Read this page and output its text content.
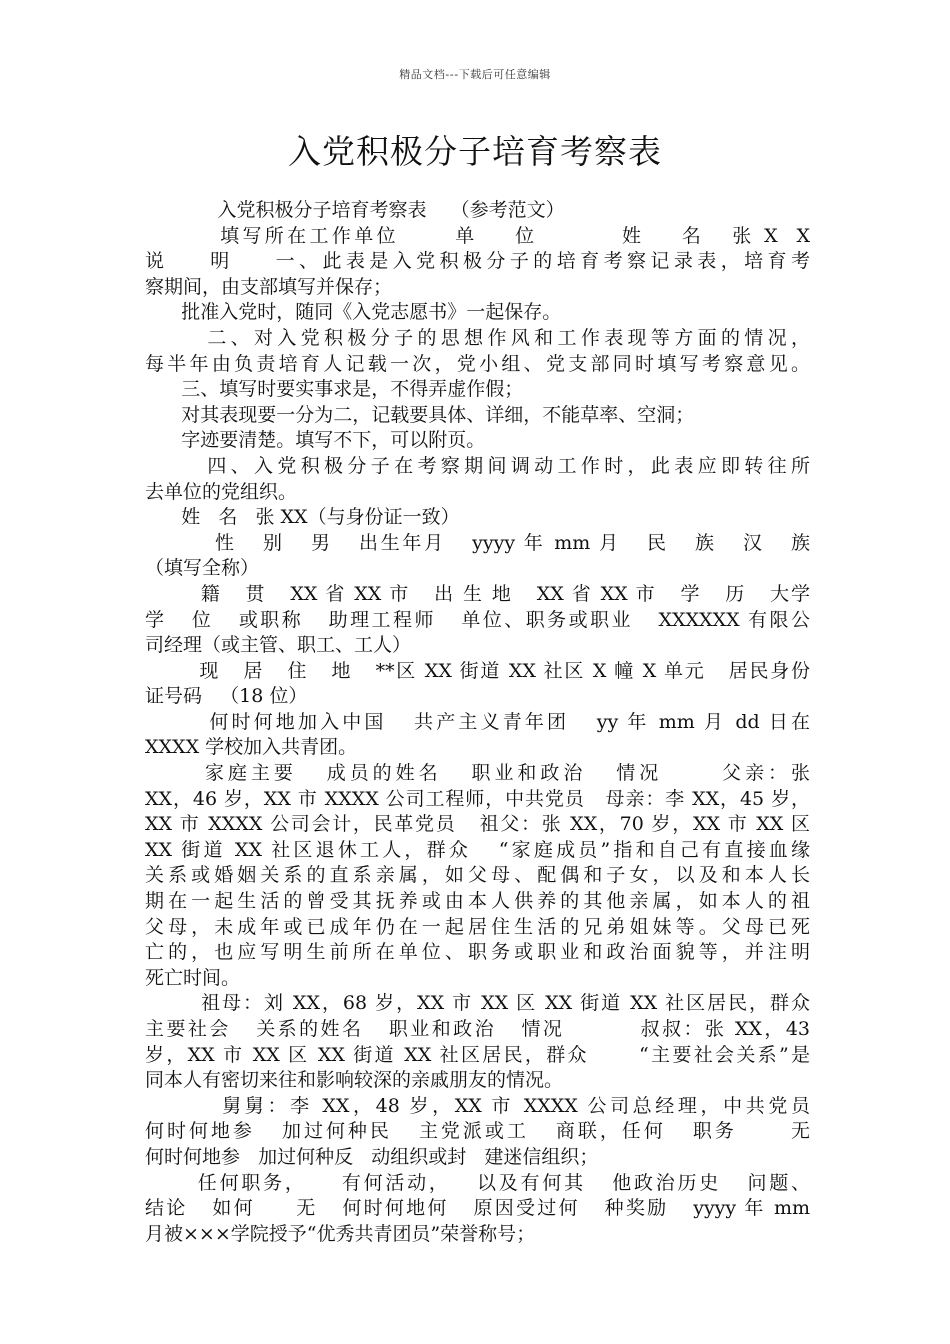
精品文档---下载后可任意编辑
入党积极分子培育考察表
入党积极分子培育考察表    （参考范文）
填写所在工作单位      单    位         姓    名   张 X  X
说    明    一、此表是入党积极分子的培育考察记录表，培育考
察期间，由支部填写并保存；
批准入党时，随同《入党志愿书》一起保存。
二、对入党积极分子的思想作风和工作表现等方面的情况，
每半年由负责培育人记载一次，党小组、党支部同时填写考察意见。
三、填写时要实事求是，不得弄虚作假；
对其表现要一分为二，记载要具体、详细，不能草率、空洞；
字迹要清楚。填写不下，可以附页。
四、入党积极分子在考察期间调动工作时，此表应即转往所
去单位的党组织。
姓   名   张 XX（与身份证一致）
性   别   男   出生年月   yyyy 年 mm 月   民   族   汉   族
（填写全称）
籍   贯   XX 省 XX 市   出 生 地   XX 省 XX 市   学   历   大学
学   位   或职称   助理工程师   单位、职务或职业   XXXXXX 有限公
司经理（或主管、职工、工人）
现   居   住   地   **区 XX 街道 XX 社区 X 幢 X 单元   居民身份
证号码   （18 位）
何时何地加入中国   共产主义青年团   yy 年 mm 月 dd 日在
XXXX 学校加入共青团。
家庭主要   成员的姓名   职业和政治   情况      父亲：张
XX，46 岁，XX 市 XXXX 公司工程师，中共党员   母亲：李 XX，45 岁，
XX 市 XXXX 公司会计，民革党员   祖父：张 XX，70 岁，XX 市 XX 区
XX 街道 XX 社区退休工人，群众   “家庭成员”指和自己有直接血缘
关系或婚姻关系的直系亲属，如父母、配偶和子女，以及和本人长
期在一起生活的曾受其抚养或由本人供养的其他亲属，如本人的祖
父母，未成年或已成年仍在一起居住生活的兄弟姐妹等。父母已死
亡的，也应写明生前所在单位、职务或职业和政治面貌等，并注明
死亡时间。
祖母：刘 XX，68 岁，XX 市 XX 区 XX 街道 XX 社区居民，群众
主要社会   关系的姓名   职业和政治   情况         叔叔：张 XX，43
岁，XX 市 XX 区 XX 街道 XX 社区居民，群众      “主要社会关系”是
同本人有密切来往和影响较深的亲戚朋友的情况。
舅舅：李 XX，48 岁，XX 市 XXXX 公司总经理，中共党员
何时何地参   加过何种民   主党派或工   商联，任何   职务      无
何时何地参   加过何种反   动组织或封   建迷信组织；
任何职务，    有何活动，   以及有何其   他政治历史   问题、
结论   如何     无   何时何地何   原因受过何   种奖励   yyyy 年 mm
月被×××学院授予“优秀共青团员”荣誉称号；
